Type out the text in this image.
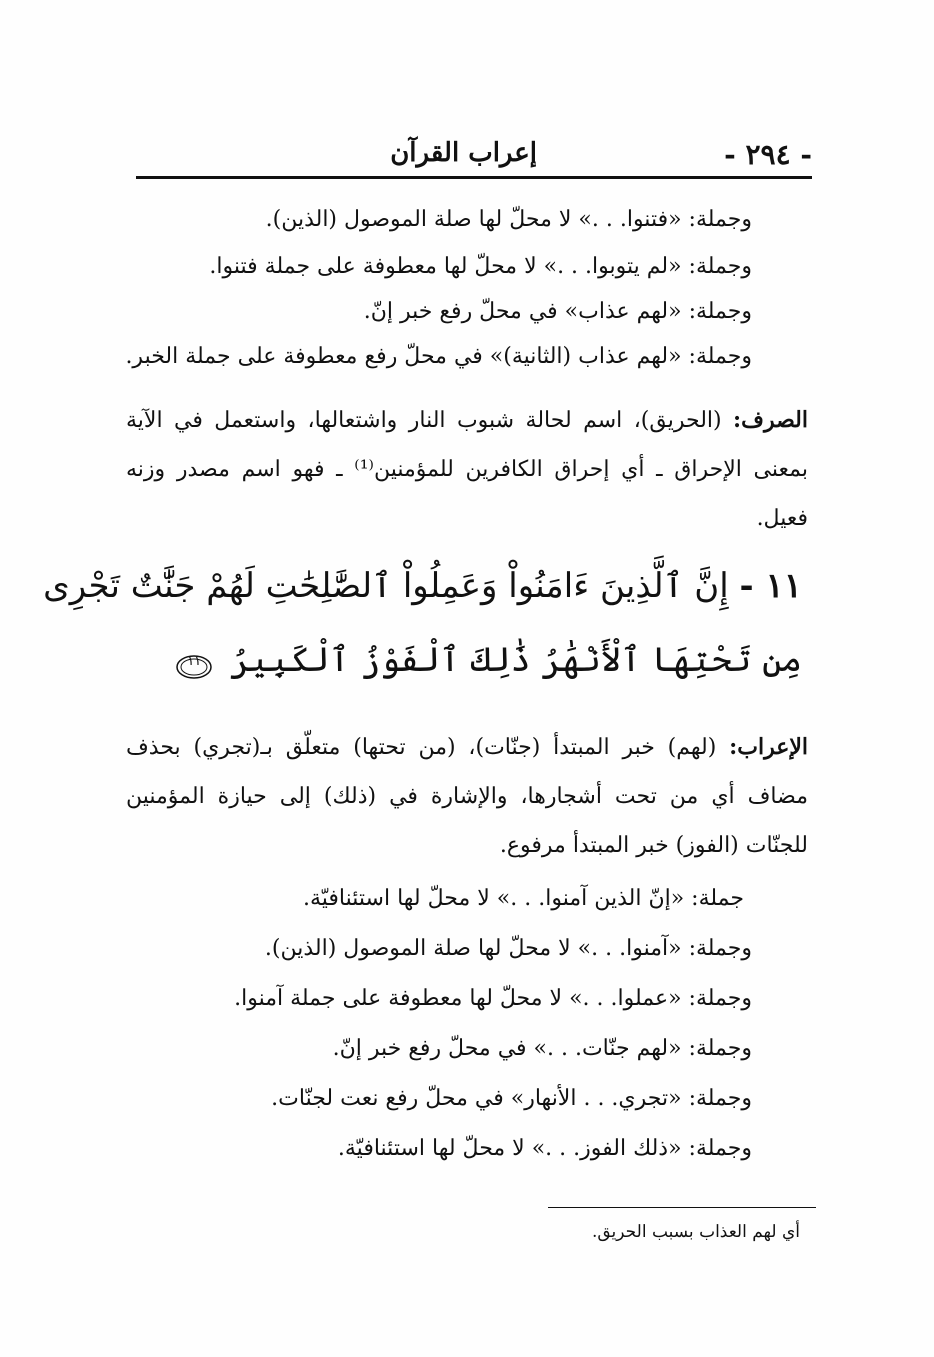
- ٢٩٤ -
إعراب القرآن
وجملة: «فتنوا. . .» لا محلّ لها صلة الموصول (الذين).
وجملة: «لم يتوبوا. . .» لا محلّ لها معطوفة على جملة فتنوا.
وجملة: «لهم عذاب» في محلّ رفع خبر إنّ.
وجملة: «لهم عذاب (الثانية)» في محلّ رفع معطوفة على جملة الخبر.
الصرف: (الحريق)، اسم لحالة شبوب النار واشتعالها، واستعمل في الآية بمعنى الإحراق ـ أي إحراق الكافرين للمؤمنين⁽¹⁾ ـ فهو اسم مصدر وزنه فعيل.
١١ - إِنَّ ٱلَّذِينَ ءَامَنُواْ وَعَمِلُواْ ٱلصَّٰلِحَٰتِ لَهُمْ جَنَّٰتٌ تَجْرِى
مِن تَحْتِهَا ٱلْأَنْهَٰرُ ذَٰلِكَ ٱلْفَوْزُ ٱلْكَبِيرُ
١١
الإعراب: (لهم) خبر المبتدأ (جنّات)، (من تحتها) متعلّق بـ(تجري) بحذف مضاف أي من تحت أشجارها، والإشارة في (ذلك) إلى حيازة المؤمنين للجنّات (الفوز) خبر المبتدأ مرفوع.
جملة: «إنّ الذين آمنوا. . .» لا محلّ لها استئنافيّة.
وجملة: «آمنوا. . .» لا محلّ لها صلة الموصول (الذين).
وجملة: «عملوا. . .» لا محلّ لها معطوفة على جملة آمنوا.
وجملة: «لهم جنّات. . .» في محلّ رفع خبر إنّ.
وجملة: «تجري. . . الأنهار» في محلّ رفع نعت لجنّات.
وجملة: «ذلك الفوز. . .» لا محلّ لها استئنافيّة.
أي لهم العذاب بسبب الحريق.
